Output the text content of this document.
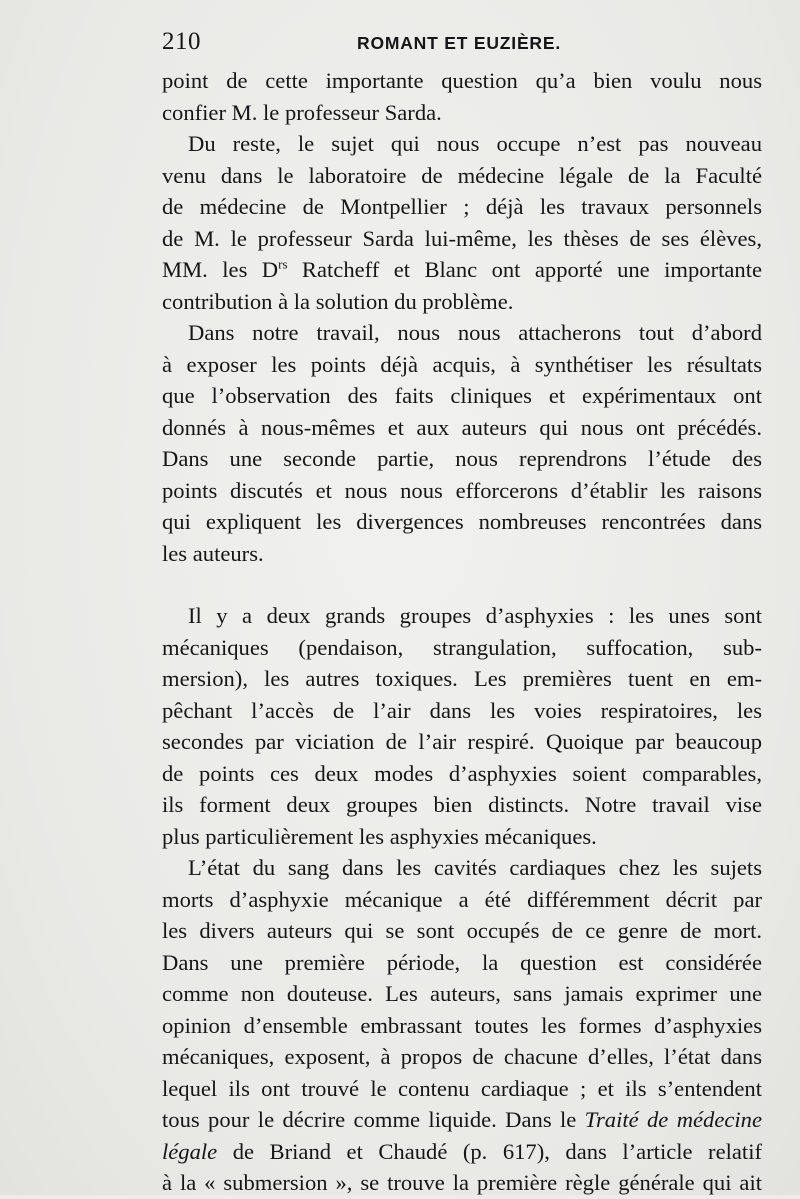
210	ROMANT ET EUZIÈRE.

point de cette importante question qu’a bien voulu nous
confier M. le professeur Sarda.

Du reste, le sujet qui nous occupe n’est pas nouveau
venu dans le laboratoire de médecine légale de la Faculté
de médecine de Montpellier ; déjà les travaux personnels
de M. le professeur Sarda lui-même, les thèses de ses élèves,
MM. les $D^{rs}$ Ratcheff et Blanc ont apporté une importante
contribution à la solution du problème.

Dans notre travail, nous nous attacherons tout d’abord
à exposer les points déjà acquis, à synthétiser les résultats
que l’observation des faits cliniques et expérimentaux ont
donnés à nous-mêmes et aux auteurs qui nous ont précédés.
Dans une seconde partie, nous reprendrons l’étude des
points discutés et nous nous efforcerons d’établir les raisons
qui expliquent les divergences nombreuses rencontrées dans
les auteurs.

Il y a deux grands groupes d’asphyxies : les unes sont
mécaniques (pendaison, strangulation, suffocation, sub-
mersion), les autres toxiques. Les premières tuent en em-
pêchant l’accès de l’air dans les voies respiratoires, les
secondes par viciation de l’air respiré. Quoique par beaucoup
de points ces deux modes d’asphyxies soient comparables,
ils forment deux groupes bien distincts. Notre travail vise
plus particulièrement les asphyxies mécaniques.

L’état du sang dans les cavités cardiaques chez les sujets
morts d’asphyxie mécanique a été différemment décrit par
les divers auteurs qui se sont occupés de ce genre de mort.
Dans une première période, la question est considérée
comme non douteuse. Les auteurs, sans jamais exprimer une
opinion d’ensemble embrassant toutes les formes d’asphyxies
mécaniques, exposent, à propos de chacune d’elles, l’état dans
lequel ils ont trouvé le contenu cardiaque ; et ils s’entendent
tous pour le décrire comme liquide. Dans le Traité de médecine
légale de Briand et Chaudé (p. 617), dans l’article relatif
à la « submersion », se trouve la première règle générale qui ait
